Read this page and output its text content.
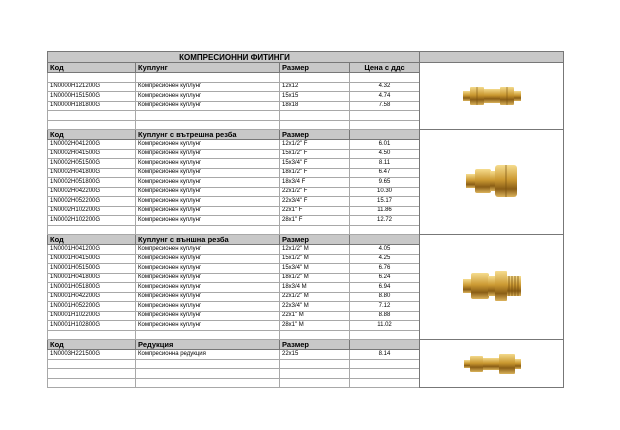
КОМПРЕСИОННИ ФИТИНГИ				
Код	Куплунг	Размер	Цена с ддс	

1N0000H121200G	Компресионен куплунг	12x12	4.32	
1N0000H151500G	Компресионен куплунг	15x15	4.74	
1N0000H181800G	Компресионен куплунг	18x18	7.58	

Код	Куплунг с вътрешна резба	Размер		

1N0002H041200G	Компресионен куплунг	12x1/2" F	6.01	
1N0002H041500G	Компресионен куплунг	15x1/2" F	4.50	
1N0002H051500G	Компресионен куплунг	15x3/4" F	8.11	
1N0002H041800G	Компресионен куплунг	18x1/2" F	6.47	
1N0002H051800G	Компресионен куплунг	18x3/4 F	9.65	
1N0002H042200G	Компресионен куплунг	22x1/2" F	10.30	
1N0002H052200G	Компресионен куплунг	22x3/4" F	15.17	
1N0002H102200G	Компресионен куплунг	22x1" F	11.86	
1N0002H102200G	Компресионен куплунг	28x1" F	12.72	

Код	Куплунг с външна резба	Размер		

1N0001H041200G	Компресионен куплунг	12x1/2" M	4.05	
1N0001H041500G	Компресионен куплунг	15x1/2" M	4.25	
1N0001H051500G	Компресионен куплунг	15x3/4" M	6.76	
1N0001H041800G	Компресионен куплунг	18x1/2" M	6.24	
1N0001H051800G	Компресионен куплунг	18x3/4 M	6.94	
1N0001H042200G	Компресионен куплунг	22x1/2" M	8.80	
1N0001H052200G	Компресионен куплунг	22x3/4" M	7.12	
1N0001H102200G	Компресионен куплунг	22x1" M	8.88	
1N0001H102800G	Компресионен куплунг	28x1" M	11.02	

Код	Редукция	Размер		

1N0003H221500G	Компресионна редукция	22x15	8.14	
